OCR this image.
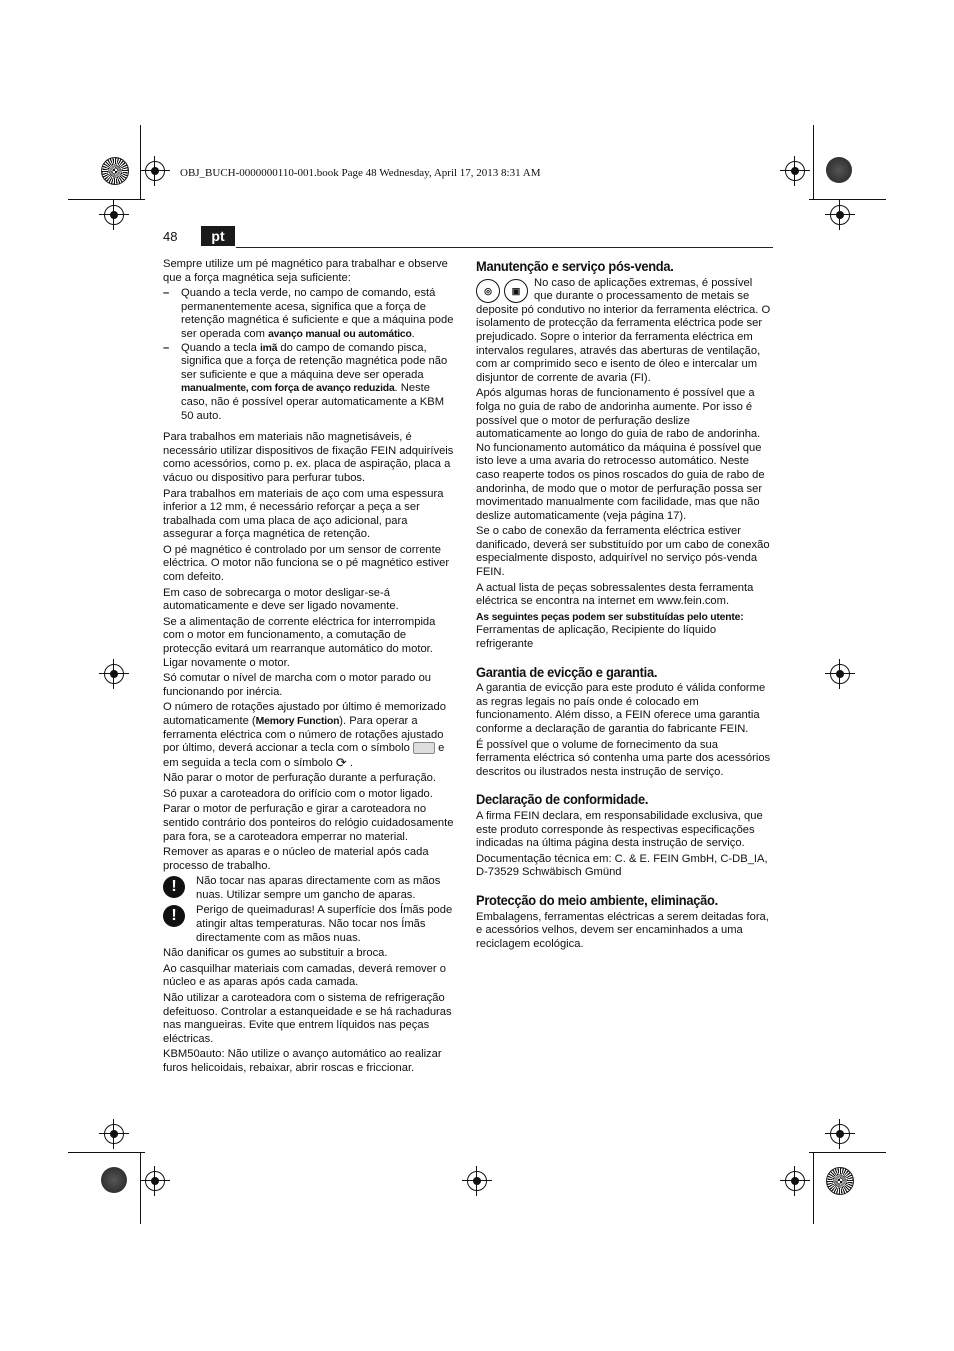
OBJ_BUCH-0000000110-001.book Page 48 Wednesday, April 17, 2013 8:31 AM
48	pt

Sempre utilize um pé magnético para trabalhar e observe que a força magnética seja suficiente:

–	Quando a tecla verde, no campo de comando, está permanentemente acesa, significa que a força de retenção magnética é suficiente e que a máquina pode ser operada com avanço manual ou automático.
–	Quando a tecla imã do campo de comando pisca, significa que a força de retenção magnética pode não ser suficiente e que a máquina deve ser operada manualmente, com força de avanço reduzida. Neste caso, não é possível operar automaticamente a KBM 50 auto.

Para trabalhos em materiais não magnetisáveis, é necessário utilizar dispositivos de fixação FEIN adquiríveis como acessórios, como p. ex. placa de aspiração, placa a vácuo ou dispositivo para perfurar tubos.

Para trabalhos em materiais de aço com uma espessura inferior a 12 mm, é necessário reforçar a peça a ser trabalhada com uma placa de aço adicional, para assegurar a força magnética de retenção.

O pé magnético é controlado por um sensor de corrente eléctrica. O motor não funciona se o pé magnético estiver com defeito.

Em caso de sobrecarga o motor desligar-se-á automaticamente e deve ser ligado novamente.

Se a alimentação de corrente eléctrica for interrompida com o motor em funcionamento, a comutação de protecção evitará um rearranque automático do motor. Ligar novamente o motor.

Só comutar o nível de marcha com o motor parado ou funcionando por inércia.

O número de rotações ajustado por último é memorizado automaticamente (Memory Function). Para operar a ferramenta eléctrica com o número de rotações ajustado por último, deverá accionar a tecla com o símbolo  e em seguida a tecla com o símbolo ⟳ .

Não parar o motor de perfuração durante a perfuração.

Só puxar a caroteadora do orifício com o motor ligado.

Parar o motor de perfuração e girar a caroteadora no sentido contrário dos ponteiros do relógio cuidadosamente para fora, se a caroteadora emperrar no material.

Remover as aparas e o núcleo de material após cada processo de trabalho.

!	Não tocar nas aparas directamente com as mãos nuas. Utilizar sempre um gancho de aparas.
!	Perigo de queimaduras! A superfície dos Ímãs pode atingir altas temperaturas. Não tocar nos Ímãs directamente com as mãos nuas.

Não danificar os gumes ao substituir a broca.

Ao casquilhar materiais com camadas, deverá remover o núcleo e as aparas após cada camada.

Não utilizar a caroteadora com o sistema de refrigeração defeituoso. Controlar a estanqueidade e se há rachaduras nas mangueiras. Evite que entrem líquidos nas peças eléctricas.

KBM50auto: Não utilize o avanço automático ao realizar furos helicoidais, rebaixar, abrir roscas e friccionar.

Manutenção e serviço pós-venda.
◎	▣

No caso de aplicações extremas, é possível que durante o processamento de metais se deposite pó condutivo no interior da ferramenta eléctrica. O isolamento de protecção da ferramenta eléctrica pode ser prejudicado. Sopre o interior da ferramenta eléctrica em intervalos regulares, através das aberturas de ventilação, com ar comprimido seco e isento de óleo e intercalar um disjuntor de corrente de avaria (FI).

Após algumas horas de funcionamento é possível que a folga no guia de rabo de andorinha aumente. Por isso é possível que o motor de perfuração deslize automaticamente ao longo do guia de rabo de andorinha. No funcionamento automático da máquina é possível que isto leve a uma avaria do retrocesso automático. Neste caso reaperte todos os pinos roscados do guia de rabo de andorinha, de modo que o motor de perfuração possa ser movimentado manualmente com facilidade, mas que não deslize automaticamente (veja página 17).

Se o cabo de conexão da ferramenta eléctrica estiver danificado, deverá ser substituído por um cabo de conexão especialmente disposto, adquirível no serviço pós-venda FEIN.

A actual lista de peças sobressalentes desta ferramenta eléctrica se encontra na internet em www.fein.com.

As seguintes peças podem ser substituídas pelo utente:

Ferramentas de aplicação, Recipiente do líquido refrigerante

Garantia de evicção e garantia.

A garantia de evicção para este produto é válida conforme as regras legais no país onde é colocado em funcionamento. Além disso, a FEIN oferece uma garantia conforme a declaração de garantia do fabricante FEIN.

É possível que o volume de fornecimento da sua ferramenta eléctrica só contenha uma parte dos acessórios descritos ou ilustrados nesta instrução de serviço.

Declaração de conformidade.

A firma FEIN declara, em responsabilidade exclusiva, que este produto corresponde às respectivas especificações indicadas na última página desta instrução de serviço.

Documentação técnica em: C. & E. FEIN GmbH, C-DB_IA, D-73529 Schwäbisch Gmünd

Protecção do meio ambiente, eliminação.

Embalagens, ferramentas eléctricas a serem deitadas fora, e acessórios velhos, devem ser encaminhados a uma reciclagem ecológica.
